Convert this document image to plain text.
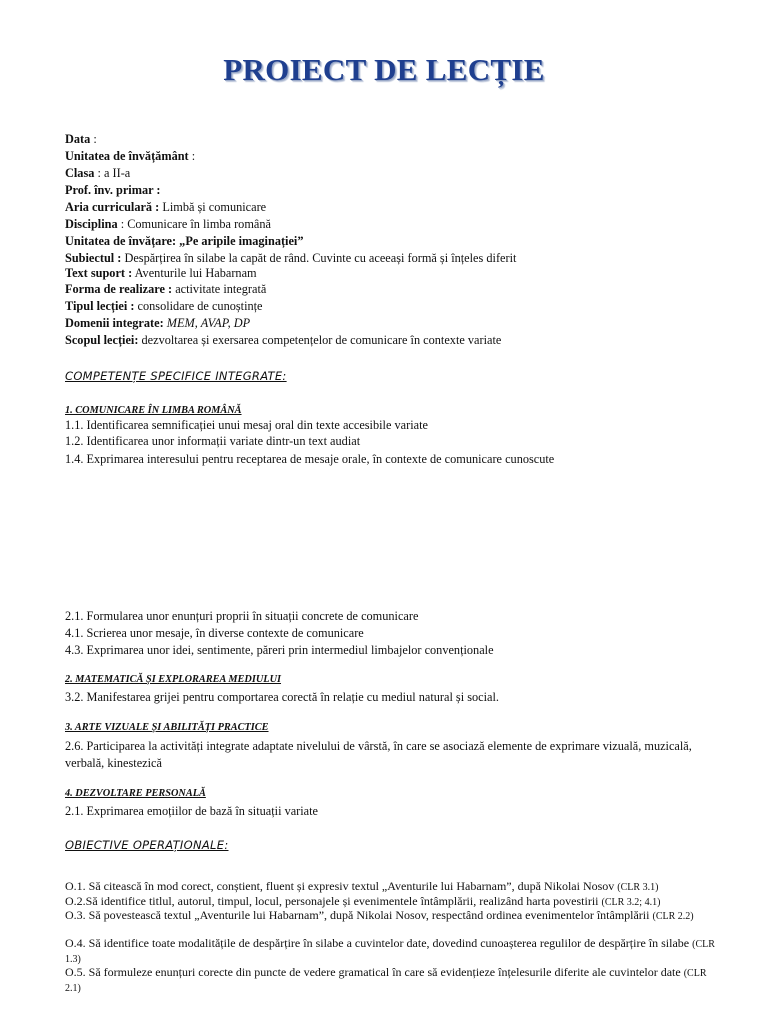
PROIECT DE LECȚIE
Data :
Unitatea de învățământ :
Clasa : a II-a
Prof. înv. primar :
Aria curriculară : Limbă și comunicare
Disciplina : Comunicare în limba română
Unitatea de învățare: „Pe aripile imaginației”
Subiectul : Despărțirea în silabe la capăt de rând. Cuvinte cu aceeași formă și înțeles diferit
Text suport : Aventurile lui Habarnam
Forma de realizare : activitate integrată
Tipul lecției : consolidare de cunoștințe
Domenii integrate: MEM, AVAP, DP
Scopul lecției: dezvoltarea și exersarea competențelor de comunicare în contexte variate
COMPETENȚE SPECIFICE INTEGRATE:
1. COMUNICARE ÎN LIMBA ROMÂNĂ
1.1. Identificarea semnificației unui mesaj oral din texte accesibile variate
1.2. Identificarea unor informații variate dintr-un text audiat
1.4. Exprimarea interesului pentru receptarea de mesaje orale, în contexte de comunicare cunoscute
2.1. Formularea unor enunțuri proprii în situații concrete de comunicare
4.1. Scrierea unor mesaje, în diverse contexte de comunicare
4.3. Exprimarea unor idei, sentimente, păreri prin intermediul limbajelor convenționale
2. MATEMATICĂ ȘI EXPLORAREA MEDIULUI
3.2. Manifestarea grijei pentru comportarea corectă în relație cu mediul natural și social.
3. ARTE VIZUALE ȘI ABILITĂȚI PRACTICE
2.6. Participarea la activități integrate adaptate nivelului de vârstă, în care se asociază elemente de exprimare vizuală, muzicală,
verbală, kinestezică
4. DEZVOLTARE PERSONALĂ
2.1. Exprimarea emoțiilor de bază în situații variate
OBIECTIVE OPERAȚIONALE:
O.1. Să citească în mod corect, conștient, fluent și expresiv textul „Aventurile lui Habarnam”, după Nikolai Nosov (CLR 3.1)
O.2.Să identifice titlul, autorul, timpul, locul, personajele și evenimentele întâmplării, realizând harta povestirii (CLR 3.2; 4.1)
O.3. Să povestească textul „Aventurile lui Habarnam”, după Nikolai Nosov, respectând ordinea evenimentelor întâmplării (CLR 2.2)
O.4. Să identifice toate modalitățile de despărțire în silabe a cuvintelor date, dovedind cunoașterea regulilor de despărțire în silabe (CLR 1.3)
O.5. Să formuleze enunțuri corecte din puncte de vedere gramatical în care să evidențieze înțelesurile diferite ale cuvintelor date (CLR 2.1)
